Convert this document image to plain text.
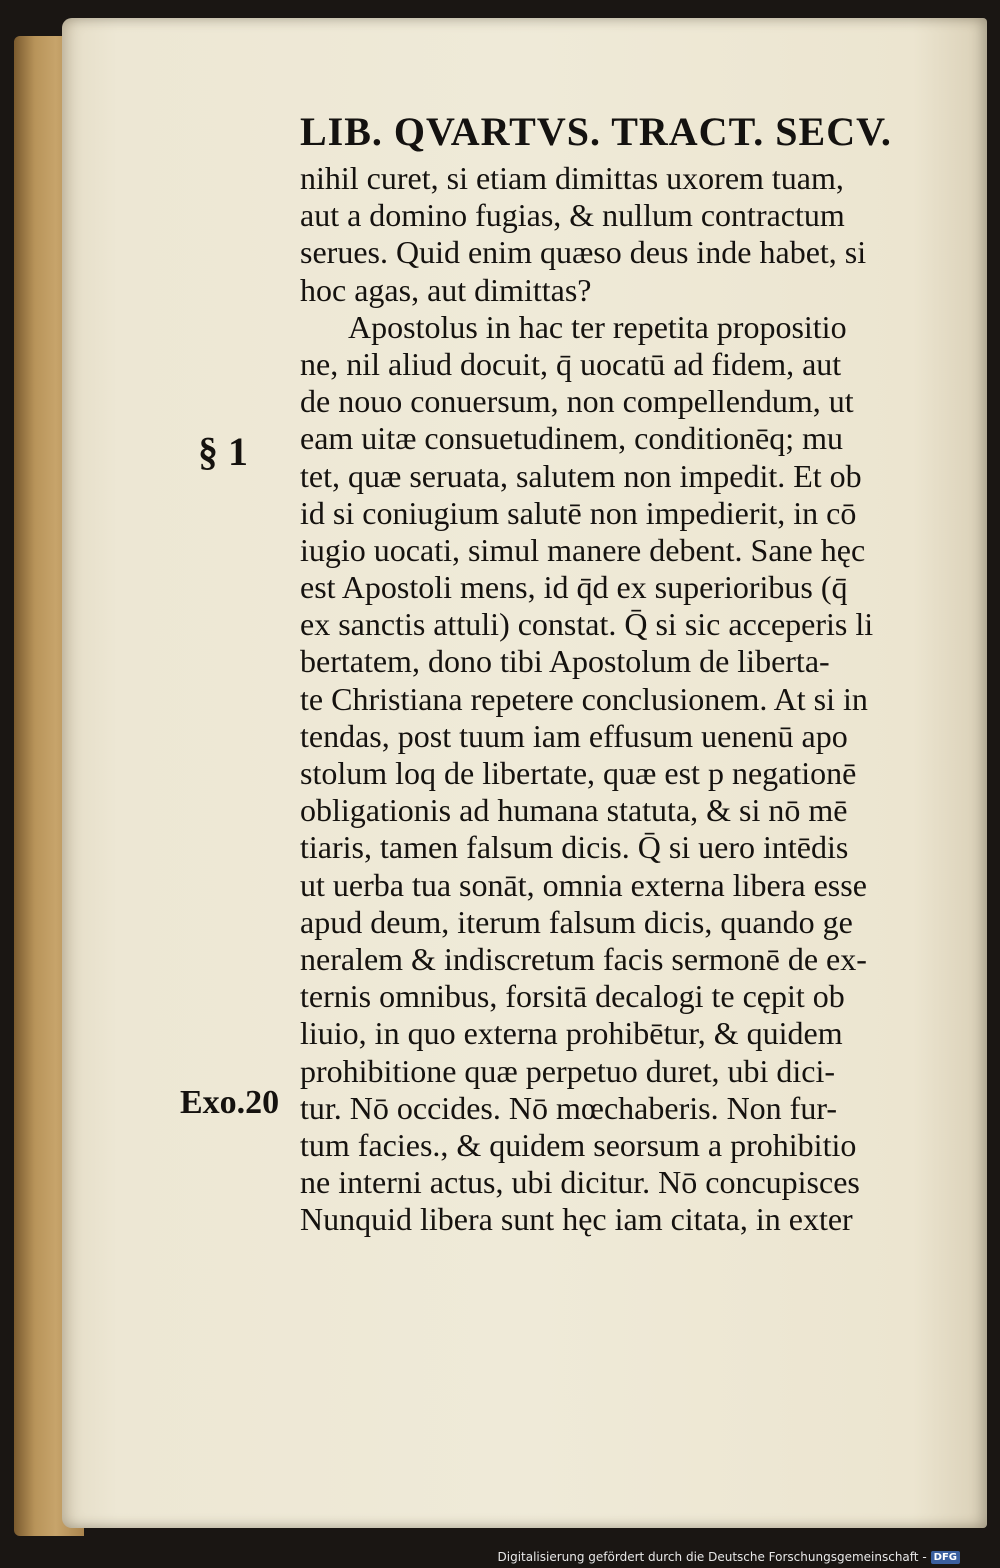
LIB. QVARTVS. TRACT. SECV.
nihil curet, si etiam dimittas uxorem tuam,
aut a domino fugias, & nullum contractum
serues. Quid enim quæso deus inde habet, si
hoc agas, aut dimittas?
Apostolus in hac ter repetita propositio
ne, nil aliud docuit, q̄ uocatū ad fidem, aut
de nouo conuersum, non compellendum, ut
eam uitæ consuetudinem, conditionēq; mu
tet, quæ seruata, salutem non impedit. Et ob
id si coniugium salutē non impedierit, in cō
iugio uocati, simul manere debent. Sane hęc
est Apostoli mens, id q̄d ex superioribus (q̄
ex sanctis attuli) constat. Q̄ si sic acceperis li
bertatem, dono tibi Apostolum de liberta-
te Christiana repetere conclusionem. At si in
tendas, post tuum iam effusum uenenū apo
stolum loq de libertate, quæ est p negationē
obligationis ad humana statuta, & si nō mē
tiaris, tamen falsum dicis. Q̄ si uero intēdis
ut uerba tua sonāt, omnia externa libera esse
apud deum, iterum falsum dicis, quando ge
neralem & indiscretum facis sermonē de ex-
ternis omnibus, forsitā decalogi te cępit ob
liuio, in quo externa prohibētur, & quidem
prohibitione quæ perpetuo duret, ubi dici-
tur. Nō occides. Nō mœchaberis. Non fur-
tum facies., & quidem seorsum a prohibitio
ne interni actus, ubi dicitur. Nō concupisces
Nunquid libera sunt hęc iam citata, in exter
§ 1
Exo.20
Digitalisierung gefördert durch die Deutsche Forschungsgemeinschaft - DFG
